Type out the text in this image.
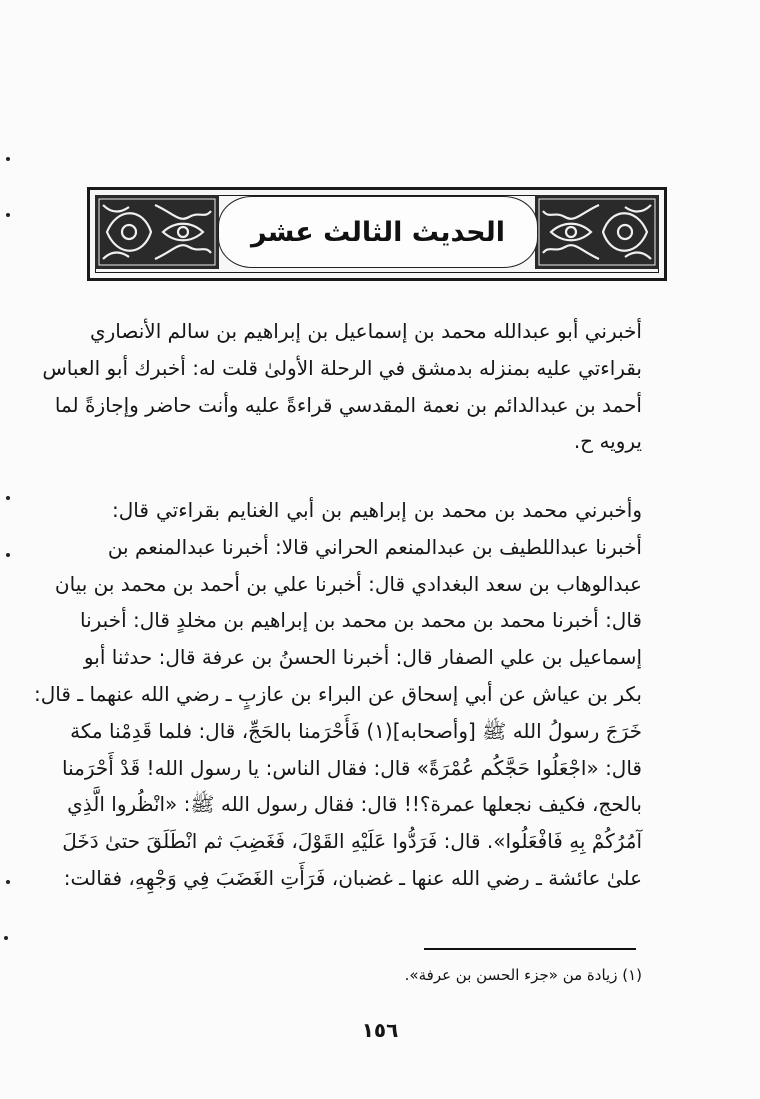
الحديث الثالث عشر
أخبرني أبو عبدالله محمد بن إسماعيل بن إبراهيم بن سالم الأنصاري
بقراءتي عليه بمنزله بدمشق في الرحلة الأولىٰ قلت له: أخبرك أبو العباس
أحمد بن عبدالدائم بن نعمة المقدسي قراءةً عليه وأنت حاضر وإجازةً لما
يرويه ح.
وأخبرني محمد بن محمد بن إبراهيم بن أبي الغنايم بقراءتي قال:
أخبرنا عبداللطيف بن عبدالمنعم الحراني قالا: أخبرنا عبدالمنعم بن
عبدالوهاب بن سعد البغدادي قال: أخبرنا علي بن أحمد بن محمد بن بيان
قال: أخبرنا محمد بن محمد بن محمد بن إبراهيم بن مخلدٍ قال: أخبرنا
إسماعيل بن علي الصفار قال: أخبرنا الحسنُ بن عرفة قال: حدثنا أبو
بكر بن عياش عن أبي إسحاق عن البراء بن عازبٍ ـ رضي الله عنهما ـ قال:
خَرَجَ رسولُ الله ﷺ [وأصحابه](١) فَأَحْرَمنا بالحَجِّ، قال: فلما قَدِمْنا مكة
قال: «اجْعَلُوا حَجَّكُم عُمْرَةً» قال: فقال الناس: يا رسول الله! قَدْ أَحْرَمنا
بالحج، فكيف نجعلها عمرة؟!! قال: فقال رسول الله ﷺ: «انْظُروا الَّذِي
آمُرُكُمْ بِهِ فَافْعَلُوا». قال: فَرَدُّوا عَلَيْهِ القَوْلَ، فَغَضِبَ ثم انْطَلَقَ حتىٰ دَخَلَ
علىٰ عائشة ـ رضي الله عنها ـ غضبان، فَرَأَتِ الغَضَبَ فِي وَجْهِهِ، فقالت:
(١) زيادة من «جزء الحسن بن عرفة».
١٥٦
